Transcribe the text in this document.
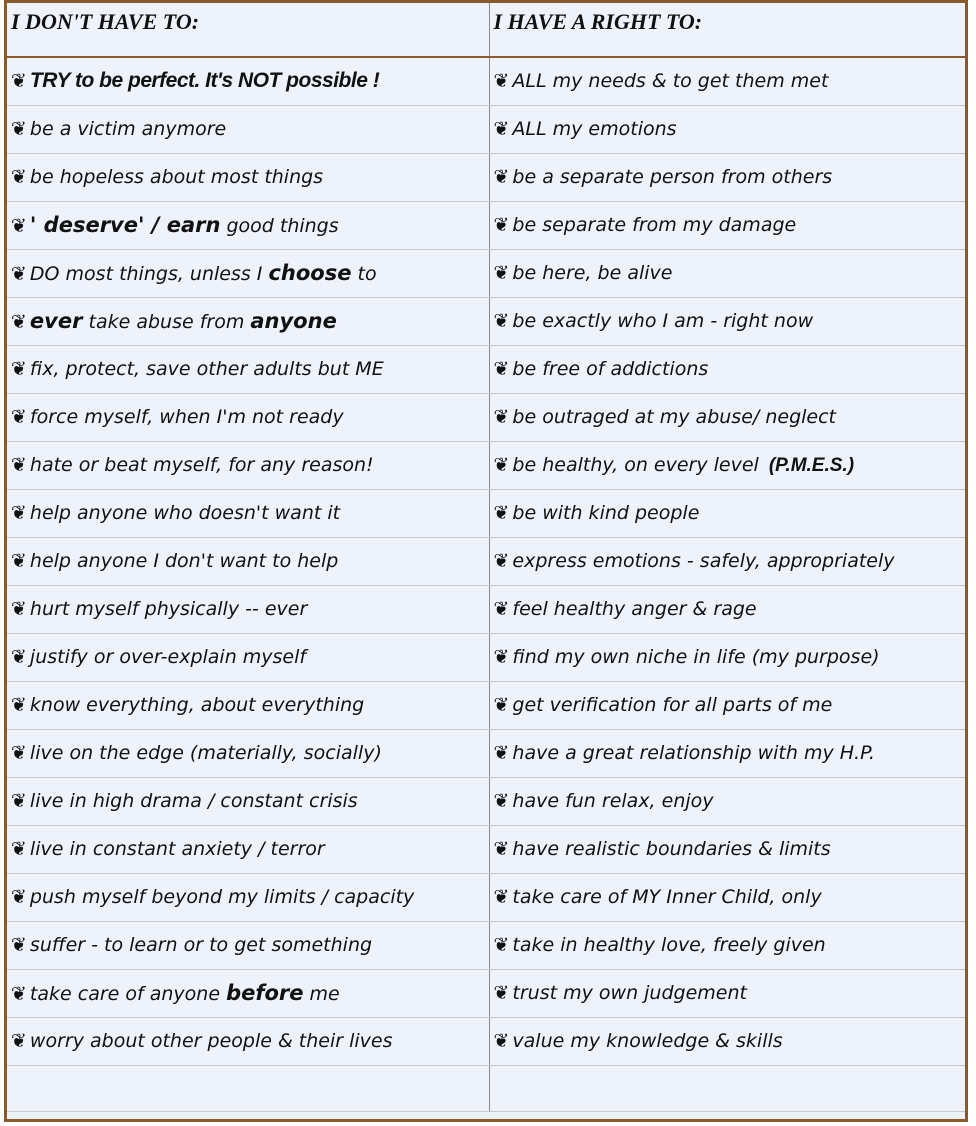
I DON'T HAVE TO:	I HAVE A RIGHT TO:
❦ TRY to be perfect. It's NOT possible !	❦ ALL my needs & to get them met
❦ be a victim anymore	❦ ALL my emotions
❦ be hopeless about most things	❦ be a separate person from others
❦ ' deserve' / earn good things	❦ be separate from my damage
❦ DO most things, unless I choose to	❦ be here, be alive
❦ ever take abuse from anyone	❦ be exactly who I am - right now
❦ fix, protect, save other adults but ME	❦ be free of addictions
❦ force myself, when I'm not ready	❦ be outraged at my abuse/ neglect
❦ hate or beat myself, for any reason!	❦ be healthy, on every level (P.M.E.S.)
❦ help anyone who doesn't want it	❦ be with kind people
❦ help anyone I don't want to help	❦ express emotions - safely, appropriately
❦ hurt myself physically -- ever	❦ feel healthy anger & rage
❦ justify or over-explain myself	❦ find my own niche in life (my purpose)
❦ know everything, about everything	❦ get verification for all parts of me
❦ live on the edge (materially, socially)	❦ have a great relationship with my H.P.
❦ live in high drama / constant crisis	❦ have fun relax, enjoy
❦ live in constant anxiety / terror	❦ have realistic boundaries & limits
❦ push myself beyond my limits / capacity	❦ take care of MY Inner Child, only
❦ suffer - to learn or to get something	❦ take in healthy love, freely given
❦ take care of anyone before me	❦ trust my own judgement
❦ worry about other people & their lives	❦ value my knowledge & skills
